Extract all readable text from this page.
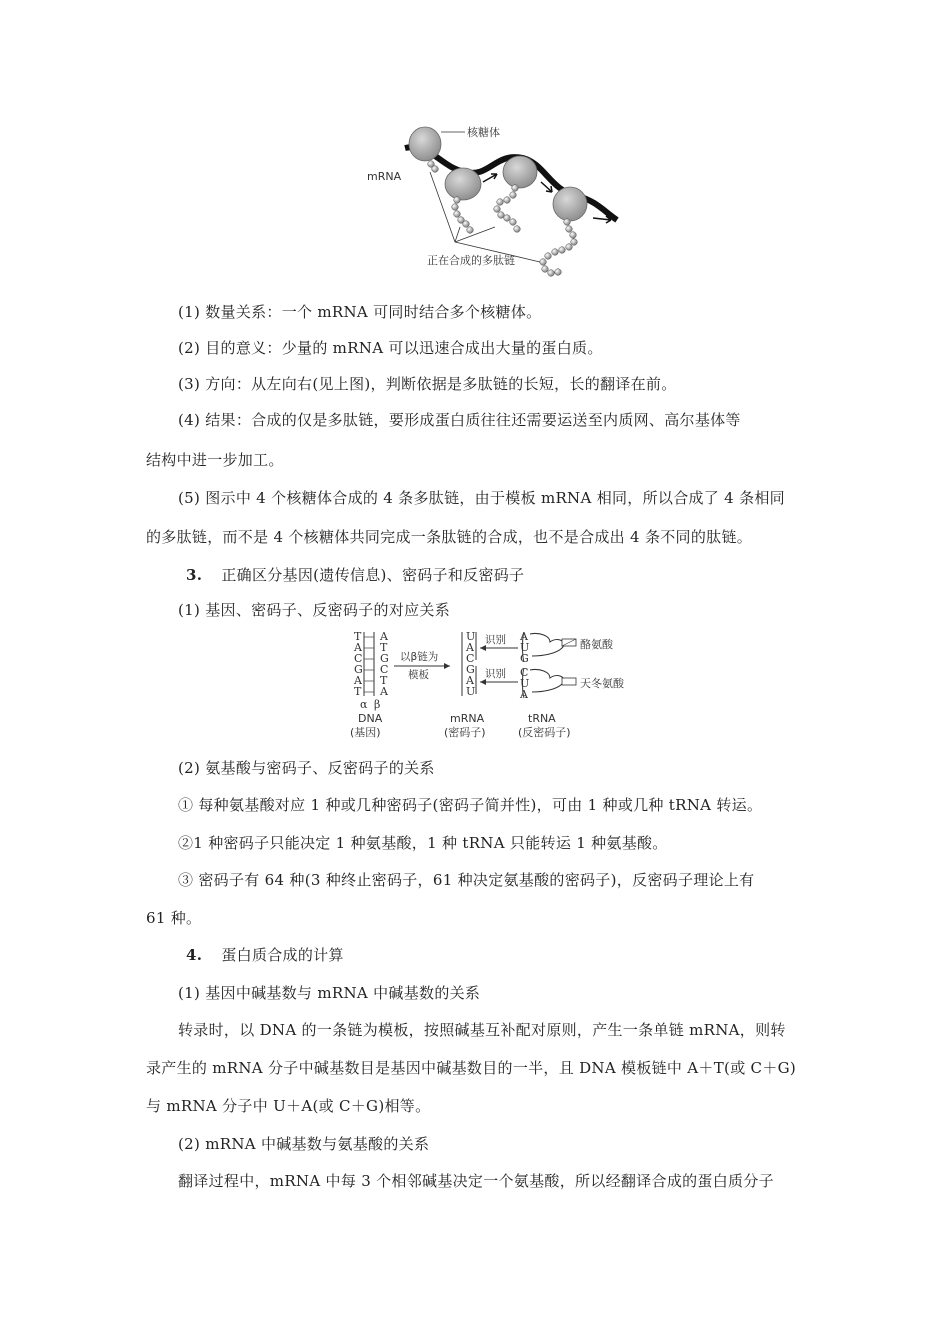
核糖体
mRNA
正在合成的多肽链
(1) 数量关系：一个 mRNA 可同时结合多个核糖体。
(2) 目的意义：少量的 mRNA 可以迅速合成出大量的蛋白质。
(3) 方向：从左向右(见上图)，判断依据是多肽链的长短，长的翻译在前。
(4) 结果：合成的仅是多肽链，要形成蛋白质往往还需要运送至内质网、高尔基体等
结构中进一步加工。
(5) 图示中 4 个核糖体合成的 4 条多肽链，由于模板 mRNA 相同，所以合成了 4 条相同
的多肽链，而不是 4 个核糖体共同完成一条肽链的合成，也不是合成出 4 条不同的肽链。
3. 正确区分基因(遗传信息)、密码子和反密码子
(1) 基因、密码子、反密码子的对应关系
T
A
C
G
A
T
A
T
G
C
T
A
α β
以β链为
模板
U
A
C
G
A
U
识别
识别
A
U
G
酪氨酸
C
U
A
天冬氨酸
DNA
(基因)
mRNA
(密码子)
tRNA
(反密码子)
(2) 氨基酸与密码子、反密码子的关系
① 每种氨基酸对应 1 种或几种密码子(密码子简并性)，可由 1 种或几种 tRNA 转运。
②1 种密码子只能决定 1 种氨基酸，1 种 tRNA 只能转运 1 种氨基酸。
③ 密码子有 64 种(3 种终止密码子，61 种决定氨基酸的密码子)，反密码子理论上有
61 种。
4. 蛋白质合成的计算
(1) 基因中碱基数与 mRNA 中碱基数的关系
转录时，以 DNA 的一条链为模板，按照碱基互补配对原则，产生一条单链 mRNA，则转
录产生的 mRNA 分子中碱基数目是基因中碱基数目的一半，且 DNA 模板链中 A＋T(或 C＋G)
与 mRNA 分子中 U＋A(或 C＋G)相等。
(2) mRNA 中碱基数与氨基酸的关系
翻译过程中，mRNA 中每 3 个相邻碱基决定一个氨基酸，所以经翻译合成的蛋白质分子
